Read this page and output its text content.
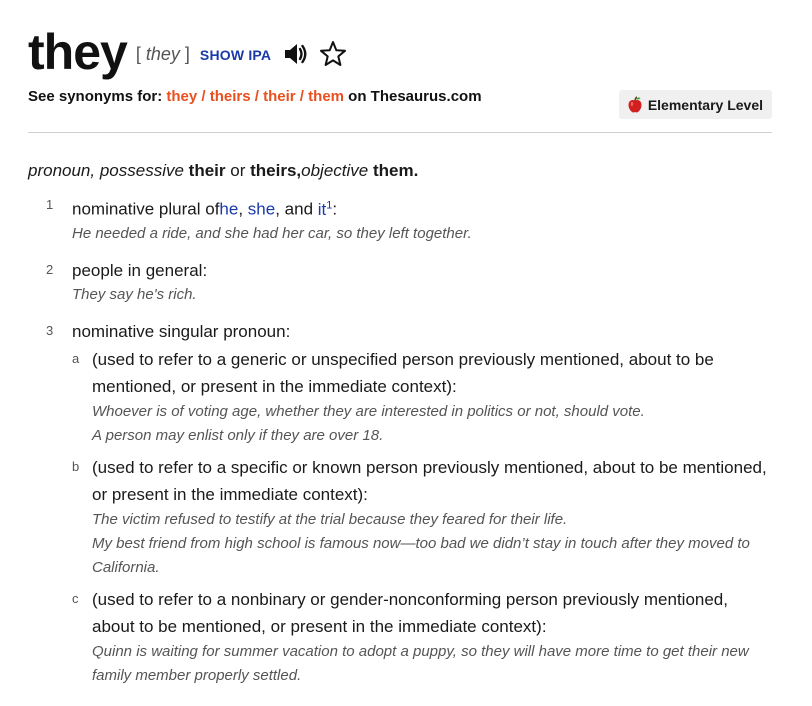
they [ they ] SHOW IPA
See synonyms for: they / theirs / their / them on Thesaurus.com	Elementary Level
pronoun, possessive their or theirs,objective them.
1	nominative plural ofhe, she, and $it^1$:
He needed a ride, and she had her car, so they left together.
2	people in general:
They say he's rich.
3	nominative singular pronoun:
a (used to refer to a generic or unspecified person previously mentioned, about to be mentioned, or present in the immediate context):
Whoever is of voting age, whether they are interested in politics or not, should vote.
A person may enlist only if they are over 18.
b (used to refer to a specific or known person previously mentioned, about to be mentioned, or present in the immediate context):
The victim refused to testify at the trial because they feared for their life.
My best friend from high school is famous now—too bad we didn’t stay in touch after they moved to California.
c (used to refer to a nonbinary or gender-nonconforming person previously mentioned, about to be mentioned, or present in the immediate context):
Quinn is waiting for summer vacation to adopt a puppy, so they will have more time to get their new family member properly settled.
